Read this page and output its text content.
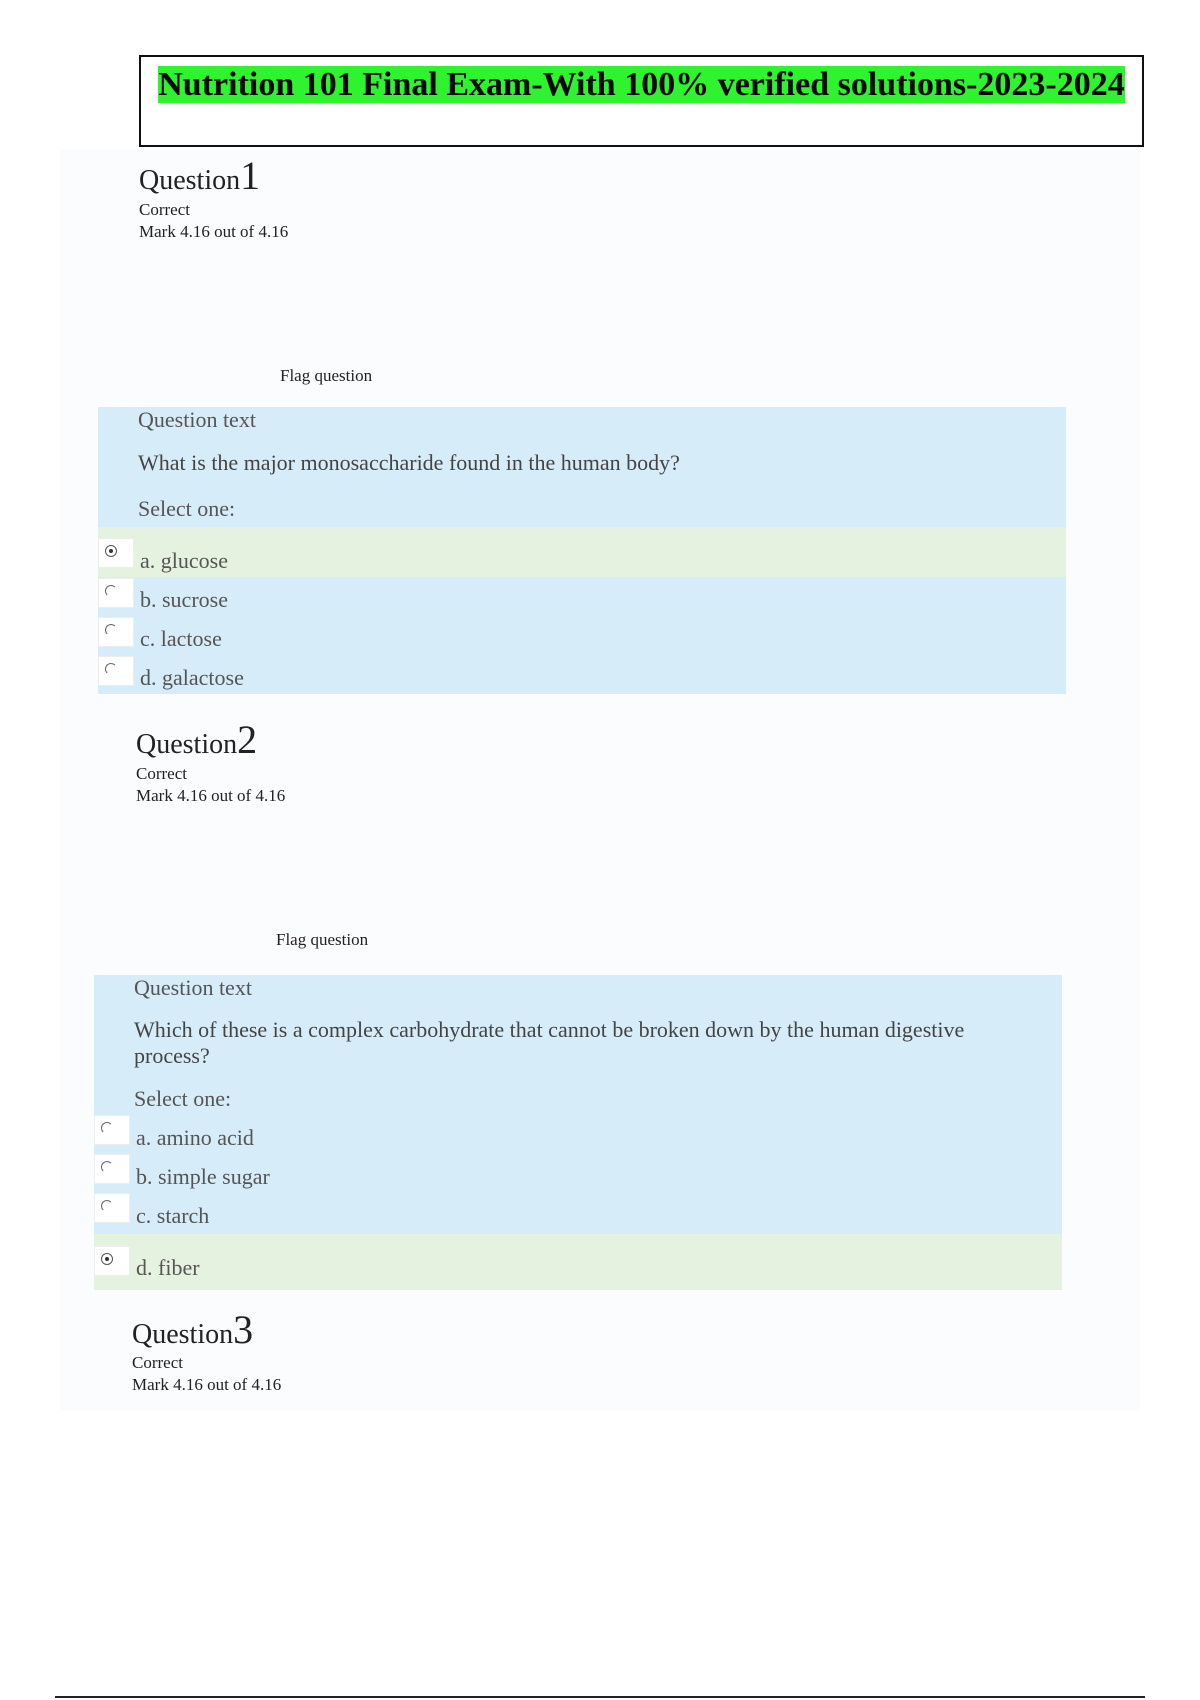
Nutrition 101 Final Exam-With 100% verified solutions-2023-2024
Question1
Correct
Mark 4.16 out of 4.16
Flag question
Question text
What is the major monosaccharide found in the human body?
Select one:
a. glucose
b. sucrose
c. lactose
d. galactose
Question2
Correct
Mark 4.16 out of 4.16
Flag question
Question text
Which of these is a complex carbohydrate that cannot be broken down by the human digestive process?
Select one:
a. amino acid
b. simple sugar
c. starch
d. fiber
Question3
Correct
Mark 4.16 out of 4.16
